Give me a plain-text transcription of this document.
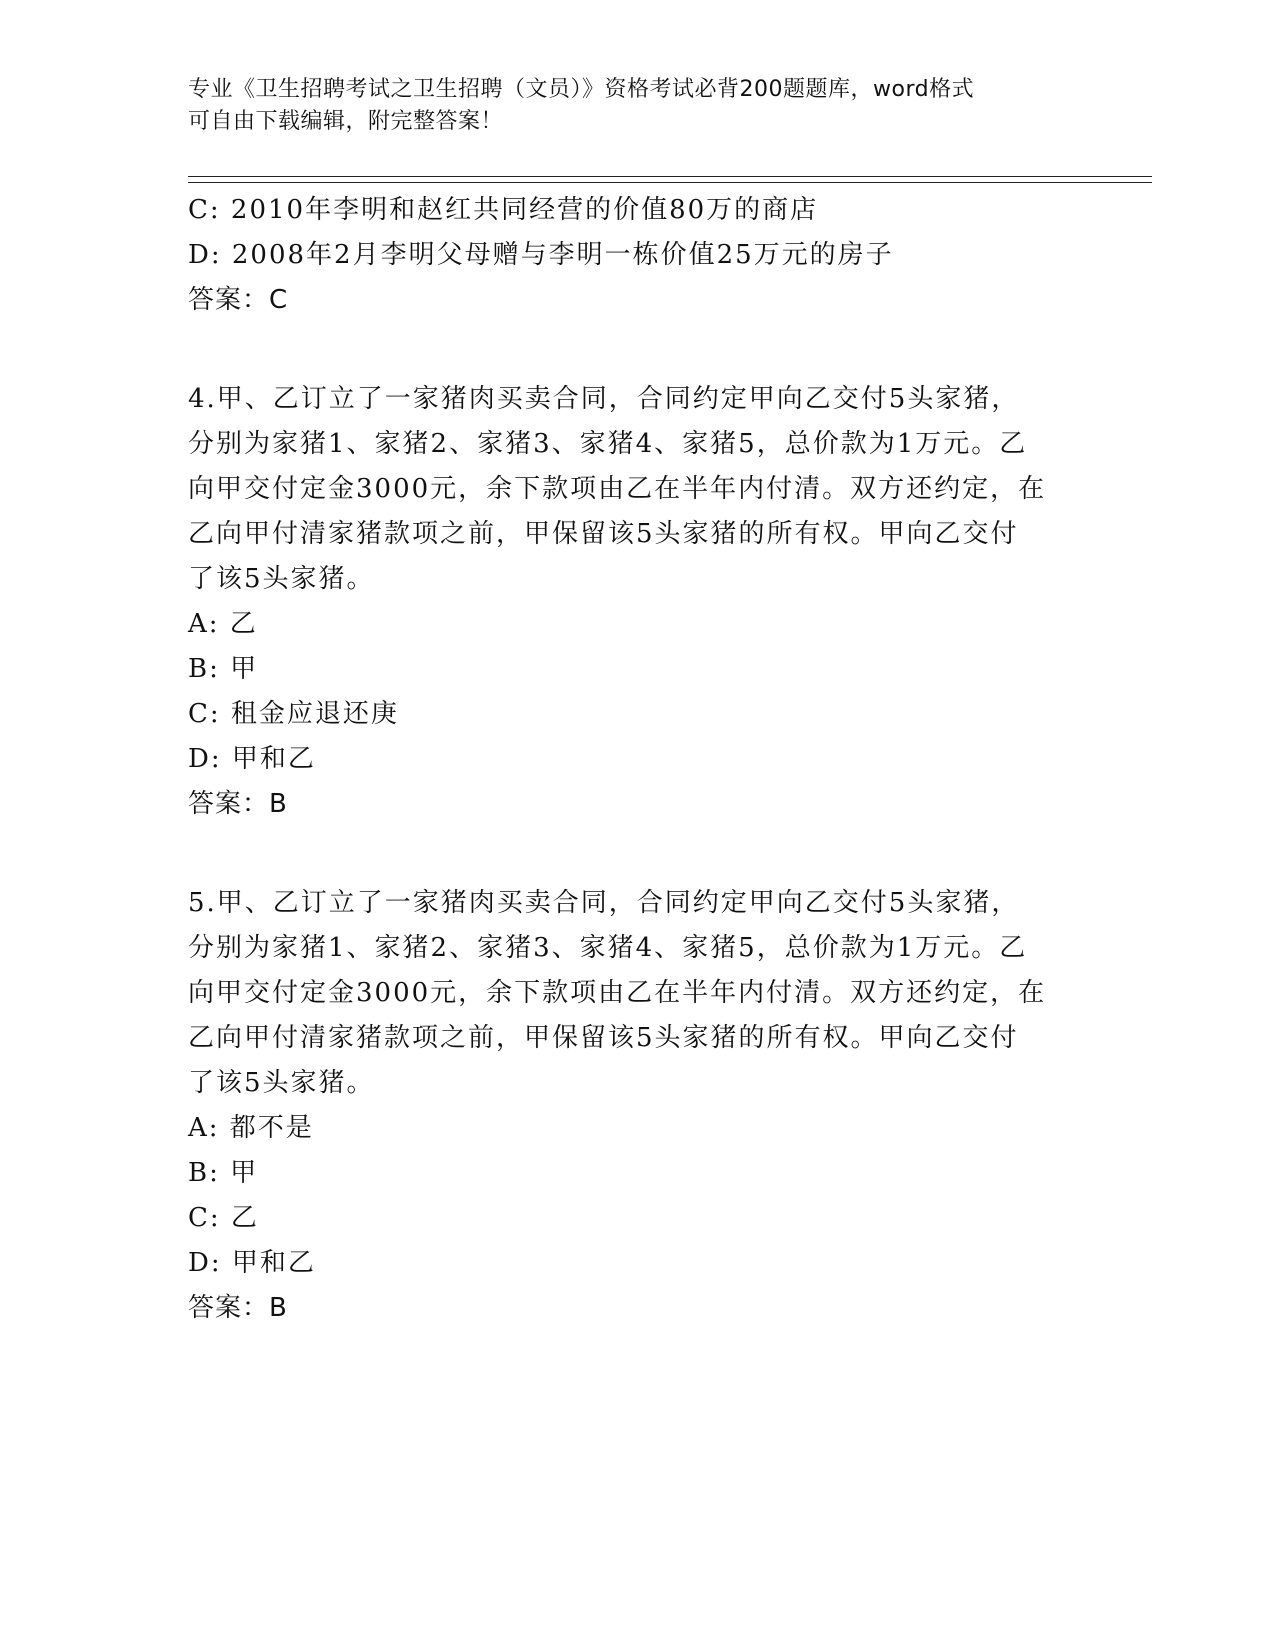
专业《卫生招聘考试之卫生招聘（文员）》资格考试必背200题题库，word格式
可自由下载编辑，附完整答案！
C: 2010年李明和赵红共同经营的价值80万的商店
D: 2008年2月李明父母赠与李明一栋价值25万元的房子
答案：C
4.甲、乙订立了一家猪肉买卖合同，合同约定甲向乙交付5头家猪，
分别为家猪1、家猪2、家猪3、家猪4、家猪5，总价款为1万元。乙
向甲交付定金3000元，余下款项由乙在半年内付清。双方还约定，在
乙向甲付清家猪款项之前，甲保留该5头家猪的所有权。甲向乙交付
了该5头家猪。
A: 乙
B: 甲
C: 租金应退还庚
D: 甲和乙
答案：B
5.甲、乙订立了一家猪肉买卖合同，合同约定甲向乙交付5头家猪，
分别为家猪1、家猪2、家猪3、家猪4、家猪5，总价款为1万元。乙
向甲交付定金3000元，余下款项由乙在半年内付清。双方还约定，在
乙向甲付清家猪款项之前，甲保留该5头家猪的所有权。甲向乙交付
了该5头家猪。
A: 都不是
B: 甲
C: 乙
D: 甲和乙
答案：B
